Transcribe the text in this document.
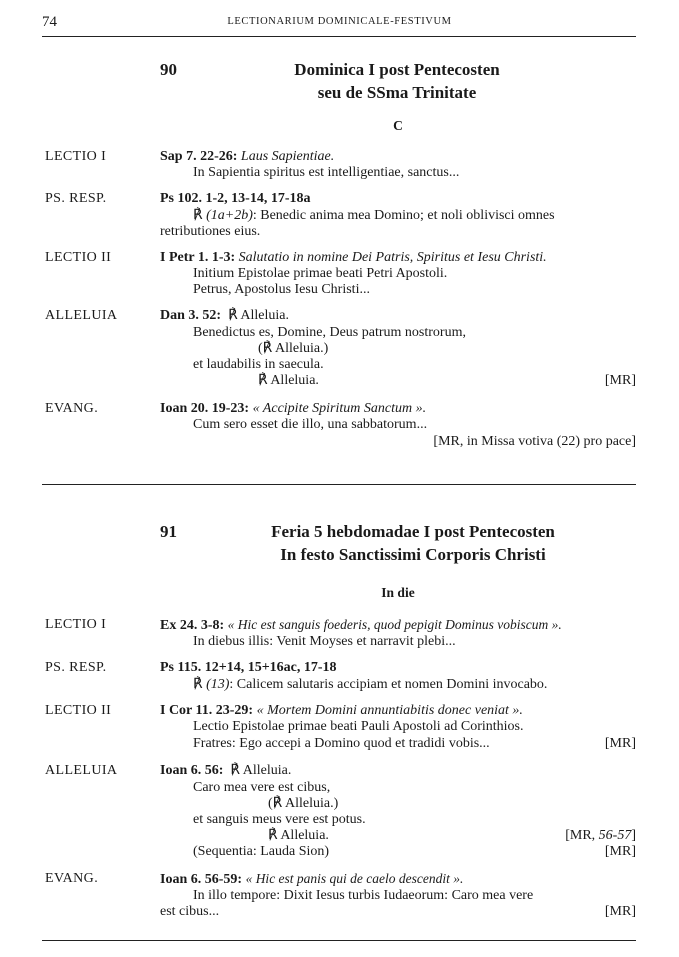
74	LECTIONARIUM DOMINICALE-FESTIVUM
90	Dominica I post Pentecosten
seu de SSma Trinitate
C
LECTIO I	Sap 7. 22-26: Laus Sapientiae.
In Sapientia spiritus est intelligentiae, sanctus...
PS. RESP.	Ps 102. 1-2, 13-14, 17-18a
℟ (1a+2b): Benedic anima mea Domino; et noli oblivisci omnes
retributiones eius.
LECTIO II	I Petr 1. 1-3: Salutatio in nomine Dei Patris, Spiritus et Iesu Christi.
Initium Epistolae primae beati Petri Apostoli.
Petrus, Apostolus Iesu Christi...
ALLELUIA	Dan 3. 52: ℟ Alleluia.
Benedictus es, Domine, Deus patrum nostrorum,
(℟ Alleluia.)
et laudabilis in saecula.
℟ Alleluia.	[MR]
EVANG.	Ioan 20. 19-23: « Accipite Spiritum Sanctum ».
Cum sero esset die illo, una sabbatorum...
[MR, in Missa votiva (22) pro pace]
91	Feria 5 hebdomadae I post Pentecosten
In festo Sanctissimi Corporis Christi
In die
LECTIO I	Ex 24. 3-8: « Hic est sanguis foederis, quod pepigit Dominus vobiscum ».
In diebus illis: Venit Moyses et narravit plebi...
PS. RESP.	Ps 115. 12+14, 15+16ac, 17-18
℟ (13): Calicem salutaris accipiam et nomen Domini invocabo.
LECTIO II	I Cor 11. 23-29: « Mortem Domini annuntiabitis donec veniat ».
Lectio Epistolae primae beati Pauli Apostoli ad Corinthios.
Fratres: Ego accepi a Domino quod et tradidi vobis...	[MR]
ALLELUIA	Ioan 6. 56: ℟ Alleluia.
Caro mea vere est cibus,
(℟ Alleluia.)
et sanguis meus vere est potus.
℟ Alleluia.	[MR, 56-57]
(Sequentia: Lauda Sion)	[MR]
EVANG.	Ioan 6. 56-59: « Hic est panis qui de caelo descendit ».
In illo tempore: Dixit Iesus turbis Iudaeorum: Caro mea vere
est cibus...	[MR]
